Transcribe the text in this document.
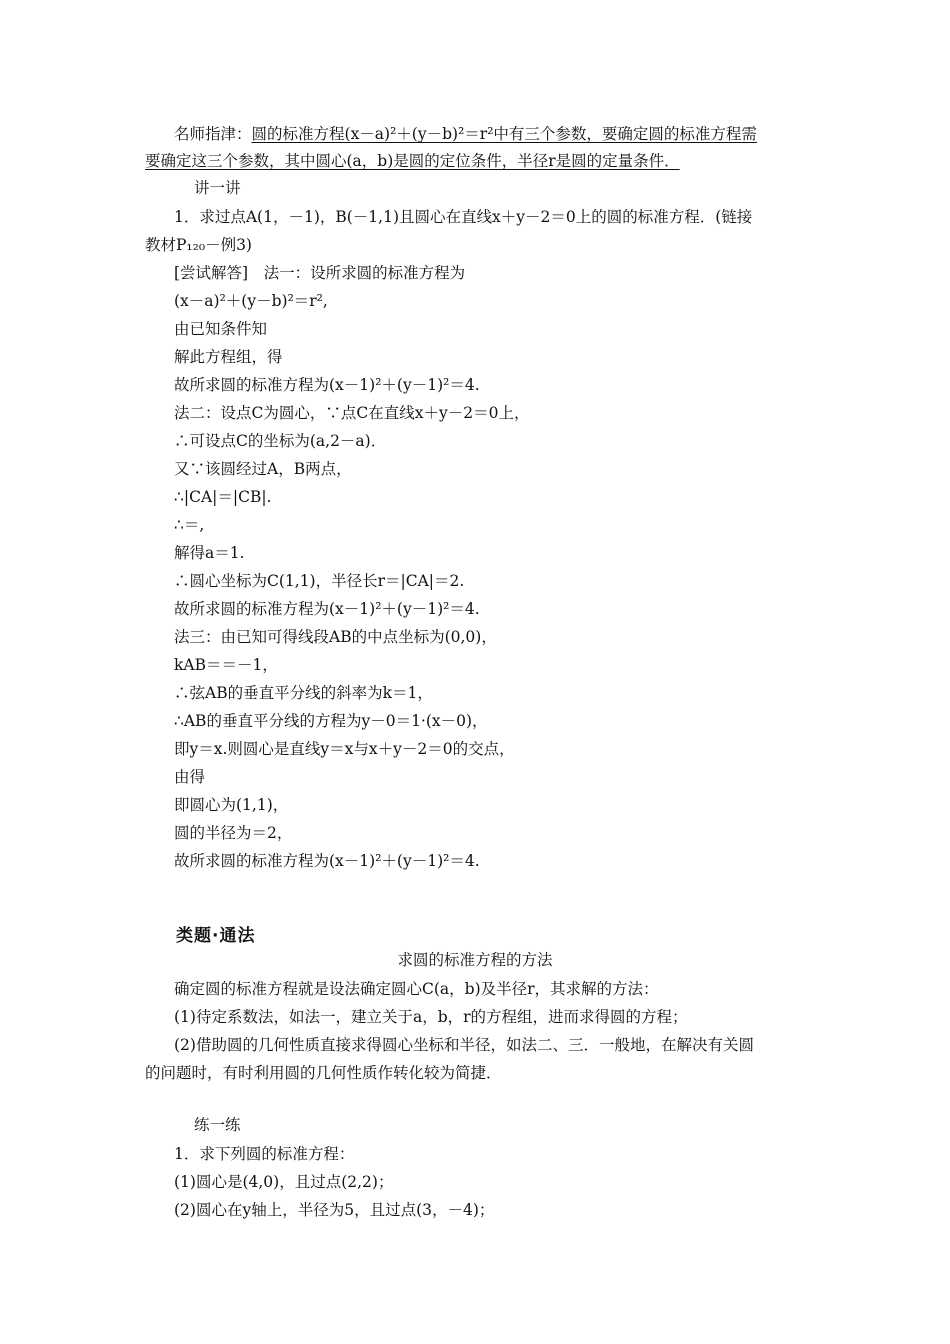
名师指津：圆的标准方程(x－a)²＋(y－b)²＝r²中有三个参数，要确定圆的标准方程需
要确定这三个参数，其中圆心(a，b)是圆的定位条件，半径r是圆的定量条件．
讲一讲
1．求过点A(1，－1)，B(－1,1)且圆心在直线x＋y－2＝0上的圆的标准方程．(链接
教材P₁₂₀－例3)
[尝试解答]　法一：设所求圆的标准方程为
(x－a)²＋(y－b)²＝r²,
由已知条件知
解此方程组，得
故所求圆的标准方程为(x－1)²＋(y－1)²＝4.
法二：设点C为圆心，∵点C在直线x＋y－2＝0上，
∴可设点C的坐标为(a,2－a)．
又∵该圆经过A，B两点，
∴|CA|＝|CB|.
∴＝,
解得a＝1.
∴圆心坐标为C(1,1)，半径长r＝|CA|＝2.
故所求圆的标准方程为(x－1)²＋(y－1)²＝4.
法三：由已知可得线段AB的中点坐标为(0,0)，
kAB＝＝－1，
∴弦AB的垂直平分线的斜率为k＝1，
∴AB的垂直平分线的方程为y－0＝1·(x－0)，
即y＝x.则圆心是直线y＝x与x＋y－2＝0的交点，
由得
即圆心为(1,1)，
圆的半径为＝2，
故所求圆的标准方程为(x－1)²＋(y－1)²＝4.
类题·通法
求圆的标准方程的方法
确定圆的标准方程就是设法确定圆心C(a，b)及半径r，其求解的方法：
(1)待定系数法，如法一，建立关于a，b，r的方程组，进而求得圆的方程；
(2)借助圆的几何性质直接求得圆心坐标和半径，如法二、三．一般地，在解决有关圆
的问题时，有时利用圆的几何性质作转化较为简捷．
练一练
1．求下列圆的标准方程：
(1)圆心是(4,0)，且过点(2,2)；
(2)圆心在y轴上，半径为5，且过点(3，－4)；
